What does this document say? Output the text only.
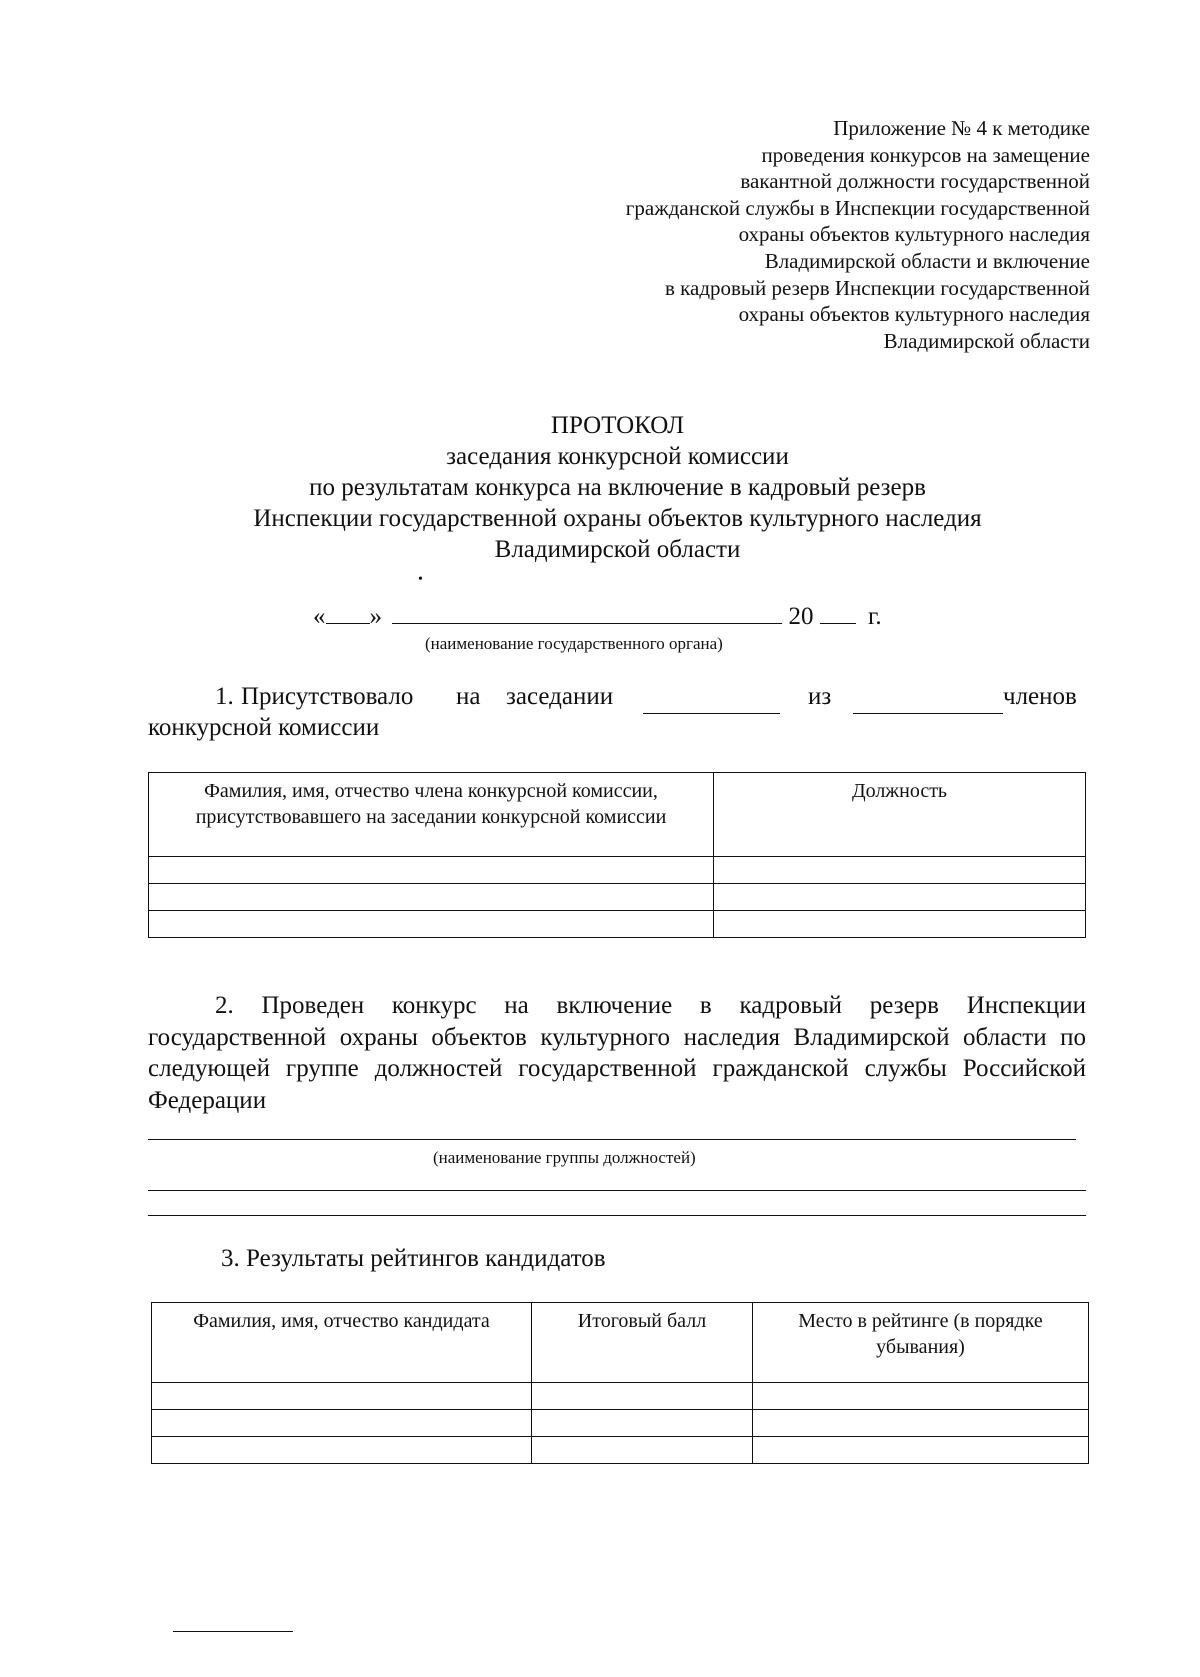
Приложение № 4 к методике
проведения конкурсов на замещение
вакантной должности государственной
гражданской службы в Инспекции государственной
охраны объектов культурного наследия
Владимирской области и включение
в кадровый резерв Инспекции государственной
охраны объектов культурного наследия
Владимирской области
ПРОТОКОЛ
заседания конкурсной комиссии
по результатам конкурса на включение в кадровый резерв
Инспекции государственной охраны объектов культурного наследия
Владимирской области
•
« »	20 г.
(наименование государственного органа)
1. Присутствовало на заседании	из	членов
конкурсной комиссии
Фамилия, имя, отчество члена конкурсной комиссии, присутствовавшего на заседании конкурсной комиссии	Должность

2. Проведен конкурс на включение в кадровый резерв Инспекции государственной охраны объектов культурного наследия Владимирской области по следующей группе должностей государственной гражданской службы Российской Федерации
(наименование группы должностей)
3. Результаты рейтингов кандидатов
Фамилия, имя, отчество кандидата	Итоговый балл	Место в рейтинге (в порядке убывания)
